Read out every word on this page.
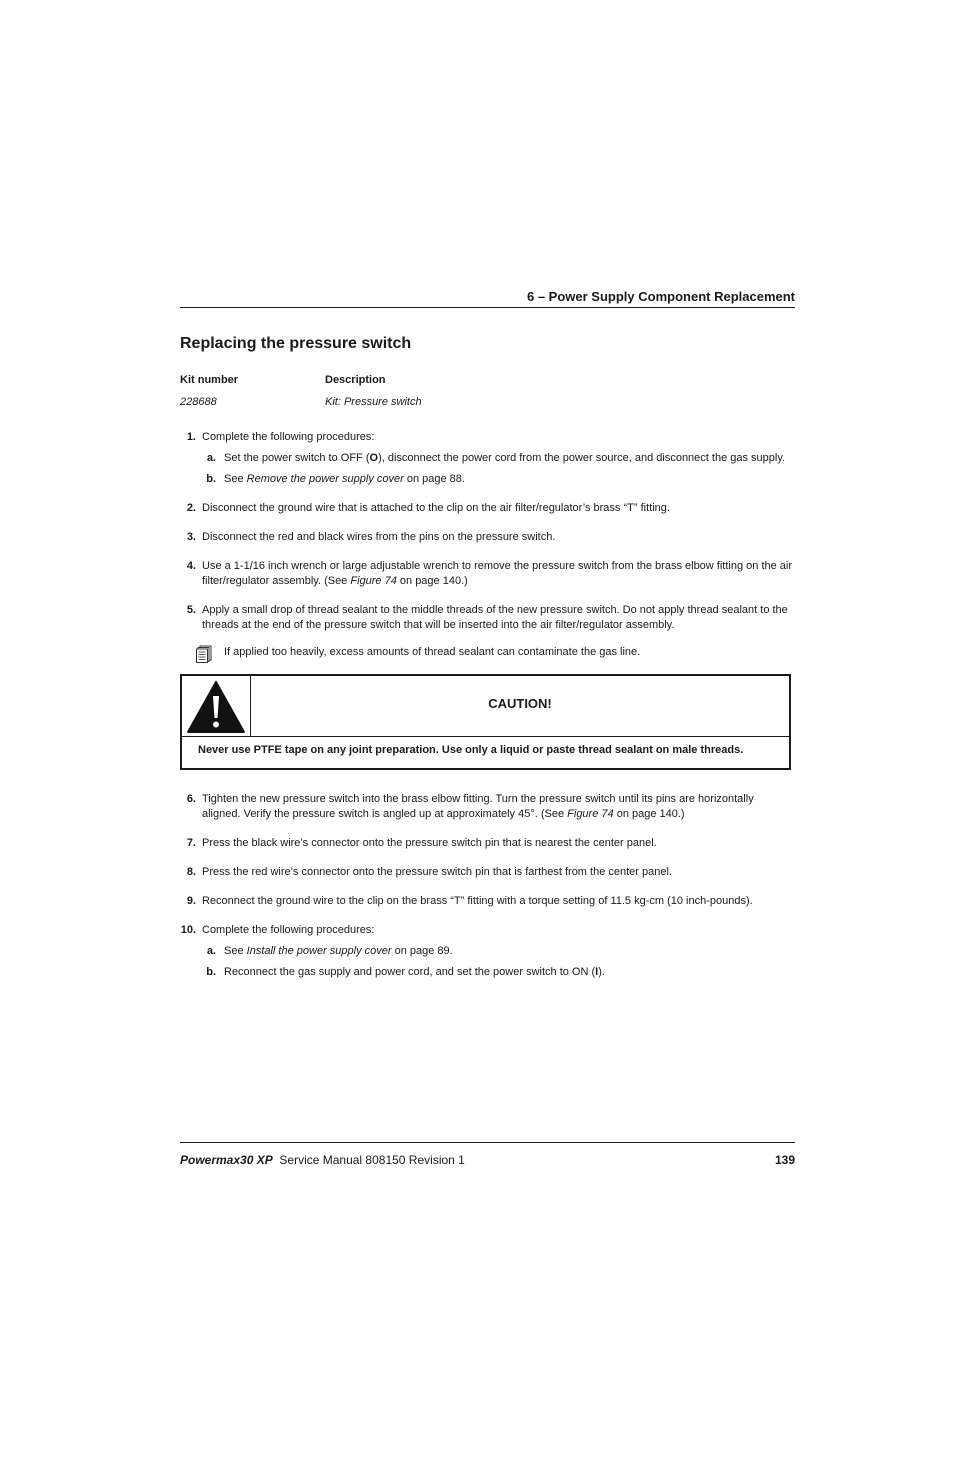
6 – Power Supply Component Replacement
Replacing the pressure switch
Kit number	Description
228688	Kit: Pressure switch
1. Complete the following procedures:
a. Set the power switch to OFF (O), disconnect the power cord from the power source, and disconnect the gas supply.
b. See Remove the power supply cover on page 88.
2. Disconnect the ground wire that is attached to the clip on the air filter/regulator’s brass “T” fitting.
3. Disconnect the red and black wires from the pins on the pressure switch.
4. Use a 1-1/16 inch wrench or large adjustable wrench to remove the pressure switch from the brass elbow fitting on the air filter/regulator assembly. (See Figure 74 on page 140.)
5. Apply a small drop of thread sealant to the middle threads of the new pressure switch. Do not apply thread sealant to the threads at the end of the pressure switch that will be inserted into the air filter/regulator assembly.
If applied too heavily, excess amounts of thread sealant can contaminate the gas line.
CAUTION!
Never use PTFE tape on any joint preparation. Use only a liquid or paste thread sealant on male threads.
6. Tighten the new pressure switch into the brass elbow fitting. Turn the pressure switch until its pins are horizontally aligned. Verify the pressure switch is angled up at approximately 45°. (See Figure 74 on page 140.)
7. Press the black wire’s connector onto the pressure switch pin that is nearest the center panel.
8. Press the red wire’s connector onto the pressure switch pin that is farthest from the center panel.
9. Reconnect the ground wire to the clip on the brass “T” fitting with a torque setting of 11.5 kg-cm (10 inch-pounds).
10. Complete the following procedures:
a. See Install the power supply cover on page 89.
b. Reconnect the gas supply and power cord, and set the power switch to ON (I).
Powermax30 XP Service Manual 808150 Revision 1	139
